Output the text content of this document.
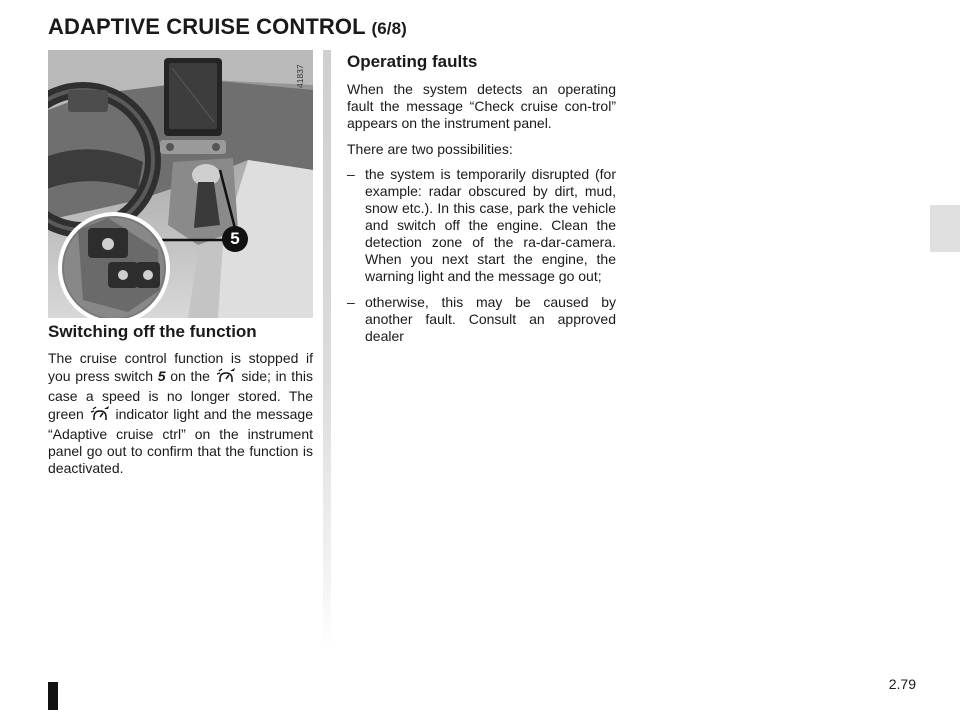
ADAPTIVE CRUISE CONTROL (6/8)
5
41837
Switching off the function

The cruise control function is stopped if you press switch 5 on the side; in this case a speed is no longer stored. The green indicator light and the message “Adaptive cruise ctrl” on the instrument panel go out to confirm that the function is deactivated.

Operating faults

When the system detects an operating fault the message “Check cruise con-trol” appears on the instrument panel.

There are two possibilities:

– the system is temporarily disrupted (for example: radar obscured by dirt, mud, snow etc.). In this case, park the vehicle and switch off the engine. Clean the detection zone of the ra-dar-camera. When you next start the engine, the warning light and the message go out;
– otherwise, this may be caused by another fault. Consult an approved dealer
2.79
